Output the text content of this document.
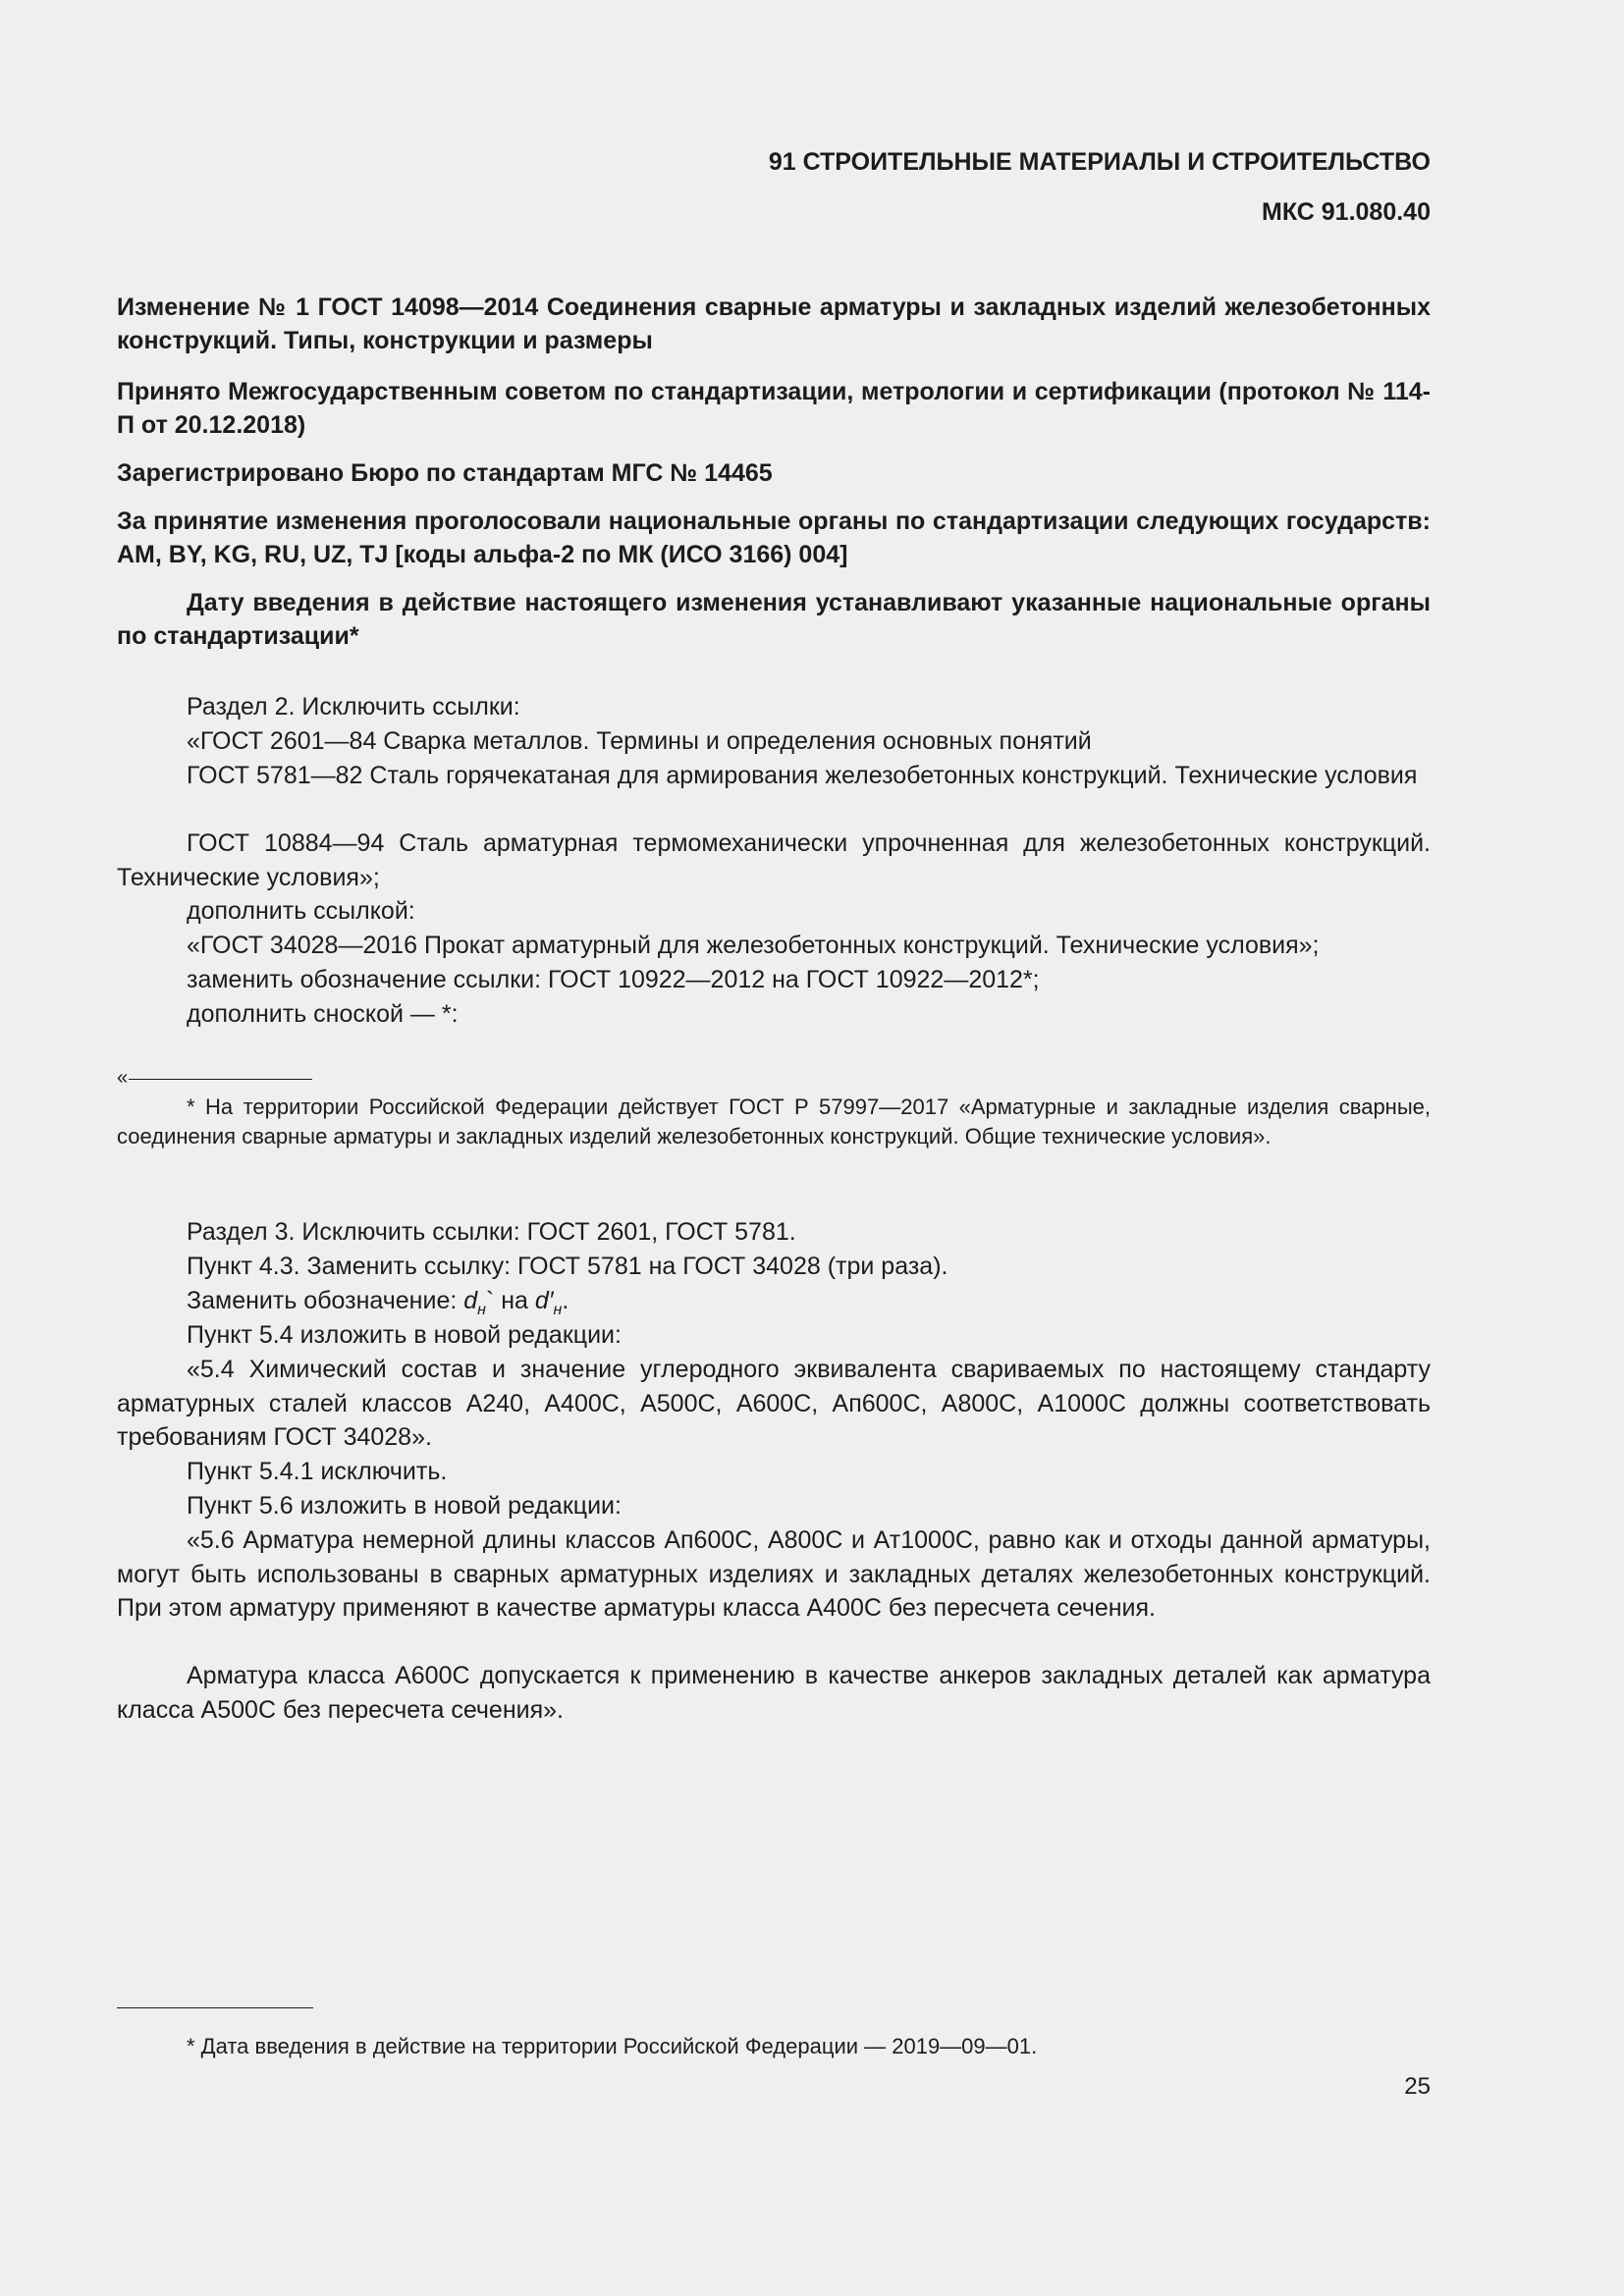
91 СТРОИТЕЛЬНЫЕ МАТЕРИАЛЫ И СТРОИТЕЛЬСТВО
МКС 91.080.40
Изменение № 1 ГОСТ 14098—2014 Соединения сварные арматуры и закладных изделий железобетонных конструкций. Типы, конструкции и размеры
Принято Межгосударственным советом по стандартизации, метрологии и сертификации (протокол № 114-П от 20.12.2018)
Зарегистрировано Бюро по стандартам МГС № 14465
За принятие изменения проголосовали национальные органы по стандартизации следующих государств: AM, BY, KG, RU, UZ, TJ [коды альфа-2 по МК (ИСО 3166) 004]
Дату введения в действие настоящего изменения устанавливают указанные национальные органы по стандартизации*
Раздел 2. Исключить ссылки:
«ГОСТ 2601—84 Сварка металлов. Термины и определения основных понятий
ГОСТ 5781—82 Сталь горячекатаная для армирования железобетонных конструкций. Технические условия
ГОСТ 10884—94 Сталь арматурная термомеханически упрочненная для железобетонных конструкций. Технические условия»;
дополнить ссылкой:
«ГОСТ 34028—2016 Прокат арматурный для железобетонных конструкций. Технические условия»;
заменить обозначение ссылки: ГОСТ 10922—2012 на ГОСТ 10922—2012*;
дополнить сноской — *:
«
* На территории Российской Федерации действует ГОСТ Р 57997—2017 «Арматурные и закладные изделия сварные, соединения сварные арматуры и закладных изделий железобетонных конструкций. Общие технические условия».
Раздел 3. Исключить ссылки: ГОСТ 2601, ГОСТ 5781.
Пункт 4.3. Заменить ссылку: ГОСТ 5781 на ГОСТ 34028 (три раза).
Заменить обозначение: $d_н`$ на $d'_н$.
Пункт 5.4 изложить в новой редакции:
«5.4 Химический состав и значение углеродного эквивалента свариваемых по настоящему стандарту арматурных сталей классов А240, А400С, А500С, А600С, Ап600С, А800С, А1000С должны соответствовать требованиям ГОСТ 34028».
Пункт 5.4.1 исключить.
Пункт 5.6 изложить в новой редакции:
«5.6 Арматура немерной длины классов Ап600С, А800С и Ат1000С, равно как и отходы данной арматуры, могут быть использованы в сварных арматурных изделиях и закладных деталях железобетонных конструкций. При этом арматуру применяют в качестве арматуры класса А400С без пересчета сечения.
Арматура класса А600С допускается к применению в качестве анкеров закладных деталей как арматура класса А500С без пересчета сечения».
* Дата введения в действие на территории Российской Федерации — 2019—09—01.
25
